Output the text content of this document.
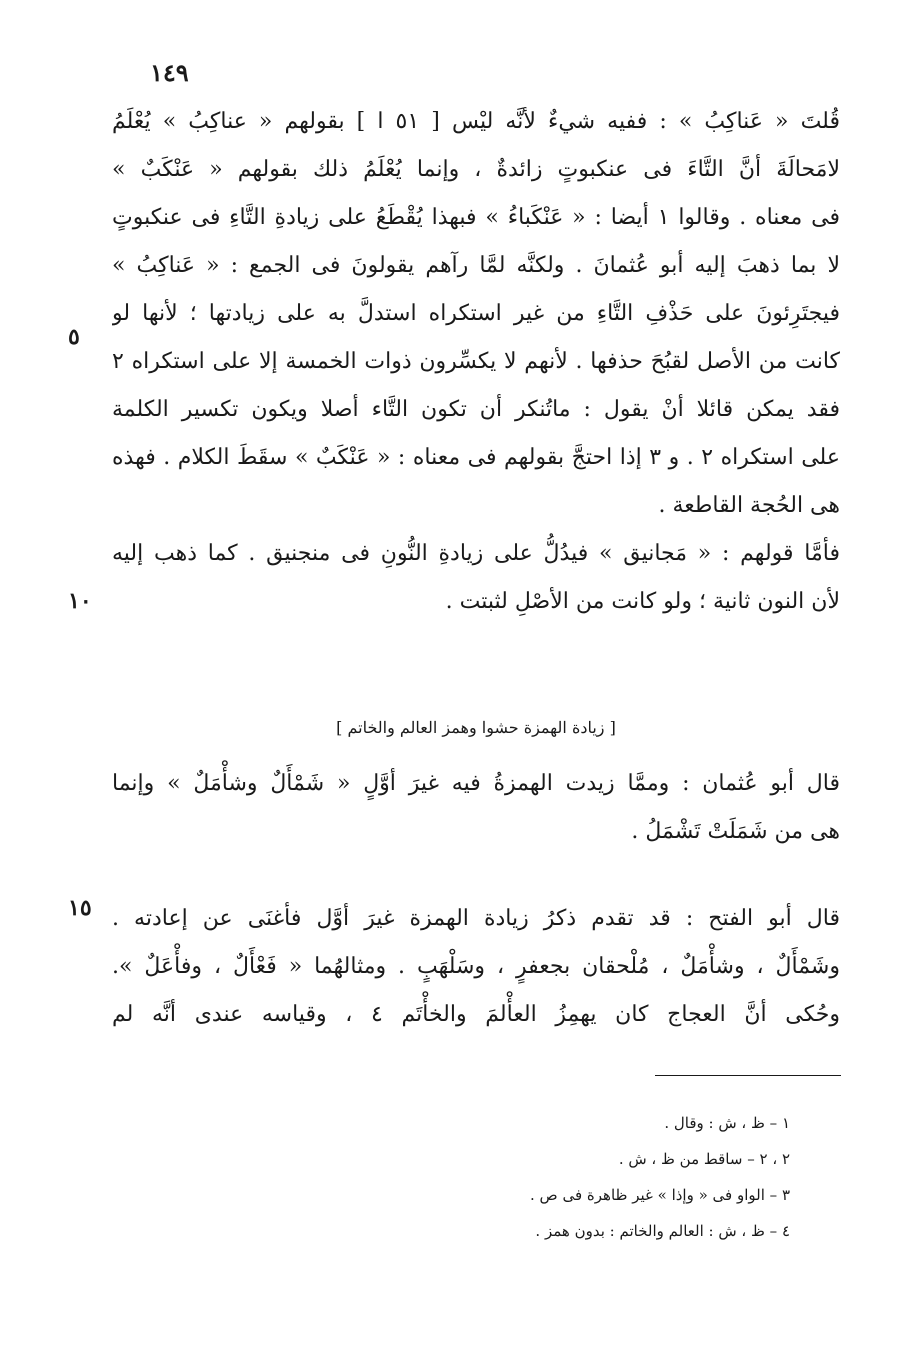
١٤٩
قُلتَ « عَناكِبُ » : ففيه شيءٌ لأنَّه ليْس [ ٥١ ا ] بقولهم « عناكِبُ » يُعْلَمُ
لامَحالَةَ أنَّ التَّاءَ فى عنكبوتٍ زائدةٌ ، وإنما يُعْلَمُ ذلك بقولهم « عَنْكَبٌ »
فى معناه . وقالوا ١ أيضا : « عَنْكَباءُ » فبهذا يُقْطَعُ على زيادةِ التَّاءِ فى عنكبوتٍ
لا بما ذهبَ إليه أبو عُثمانَ . ولكنَّه لمَّا رآهم يقولونَ فى الجمع : « عَناكِبُ »
فيجتَرِئونَ على حَذْفِ التَّاءِ من غير استكراه استدلَّ به على زيادتها ؛ لأنها لو
كانت من الأصل لقبُحَ حذفها . لأنهم لا يكسِّرون ذوات الخمسة إلا على استكراه ٢
فقد يمكن قائلا أنْ يقول : ماتُنكر أن تكون التَّاء أصلا ويكون تكسير الكلمة
على استكراه ٢ . و ٣ إذا احتجَّ بقولهم فى معناه : « عَنْكَبٌ » سقَطَ الكلام . فهذه
هى الحُجة القاطعة .
فأمَّا قولهم : « مَجانيق » فيدُلُّ على زيادةِ النُّونِ فى منجنيق . كما ذهب إليه
لأن النون ثانية ؛ ولو كانت من الأصْلِ لثبتت .
٥
١٠
[ زيادة الهمزة حشوا وهمز العالم والخاتم ]
قال أبو عُثمان : وممَّا زيدت الهمزةُ فيه غيرَ أوَّلٍ « شَمْأَلٌ وشأْمَلٌ » وإنما
هى من شَمَلَتْ تَشْمَلُ .
قال أبو الفتح : قد تقدم ذكرُ زيادة الهمزة غيرَ أوَّل فأغنَى عن إعادته .
وشَمْأَلٌ ، وشأْمَلٌ ، مُلْحقان بجعفرٍ ، وسَلْهَبٍ . ومثالهُما « فَعْأَلٌ ، وفأْعَلٌ ».
وحُكى أنَّ العجاج كان يهمِزُ العأْلمَ والخأْتَم ٤ ، وقياسه عندى أنَّه لم
١٥
١ – ظ ، ش : وقال .
٢ ، ٢ – ساقط من ظ ، ش .
٣ – الواو فى « وإذا » غير ظاهرة فى ص .
٤ – ظ ، ش : العالم والخاتم : بدون همز .
